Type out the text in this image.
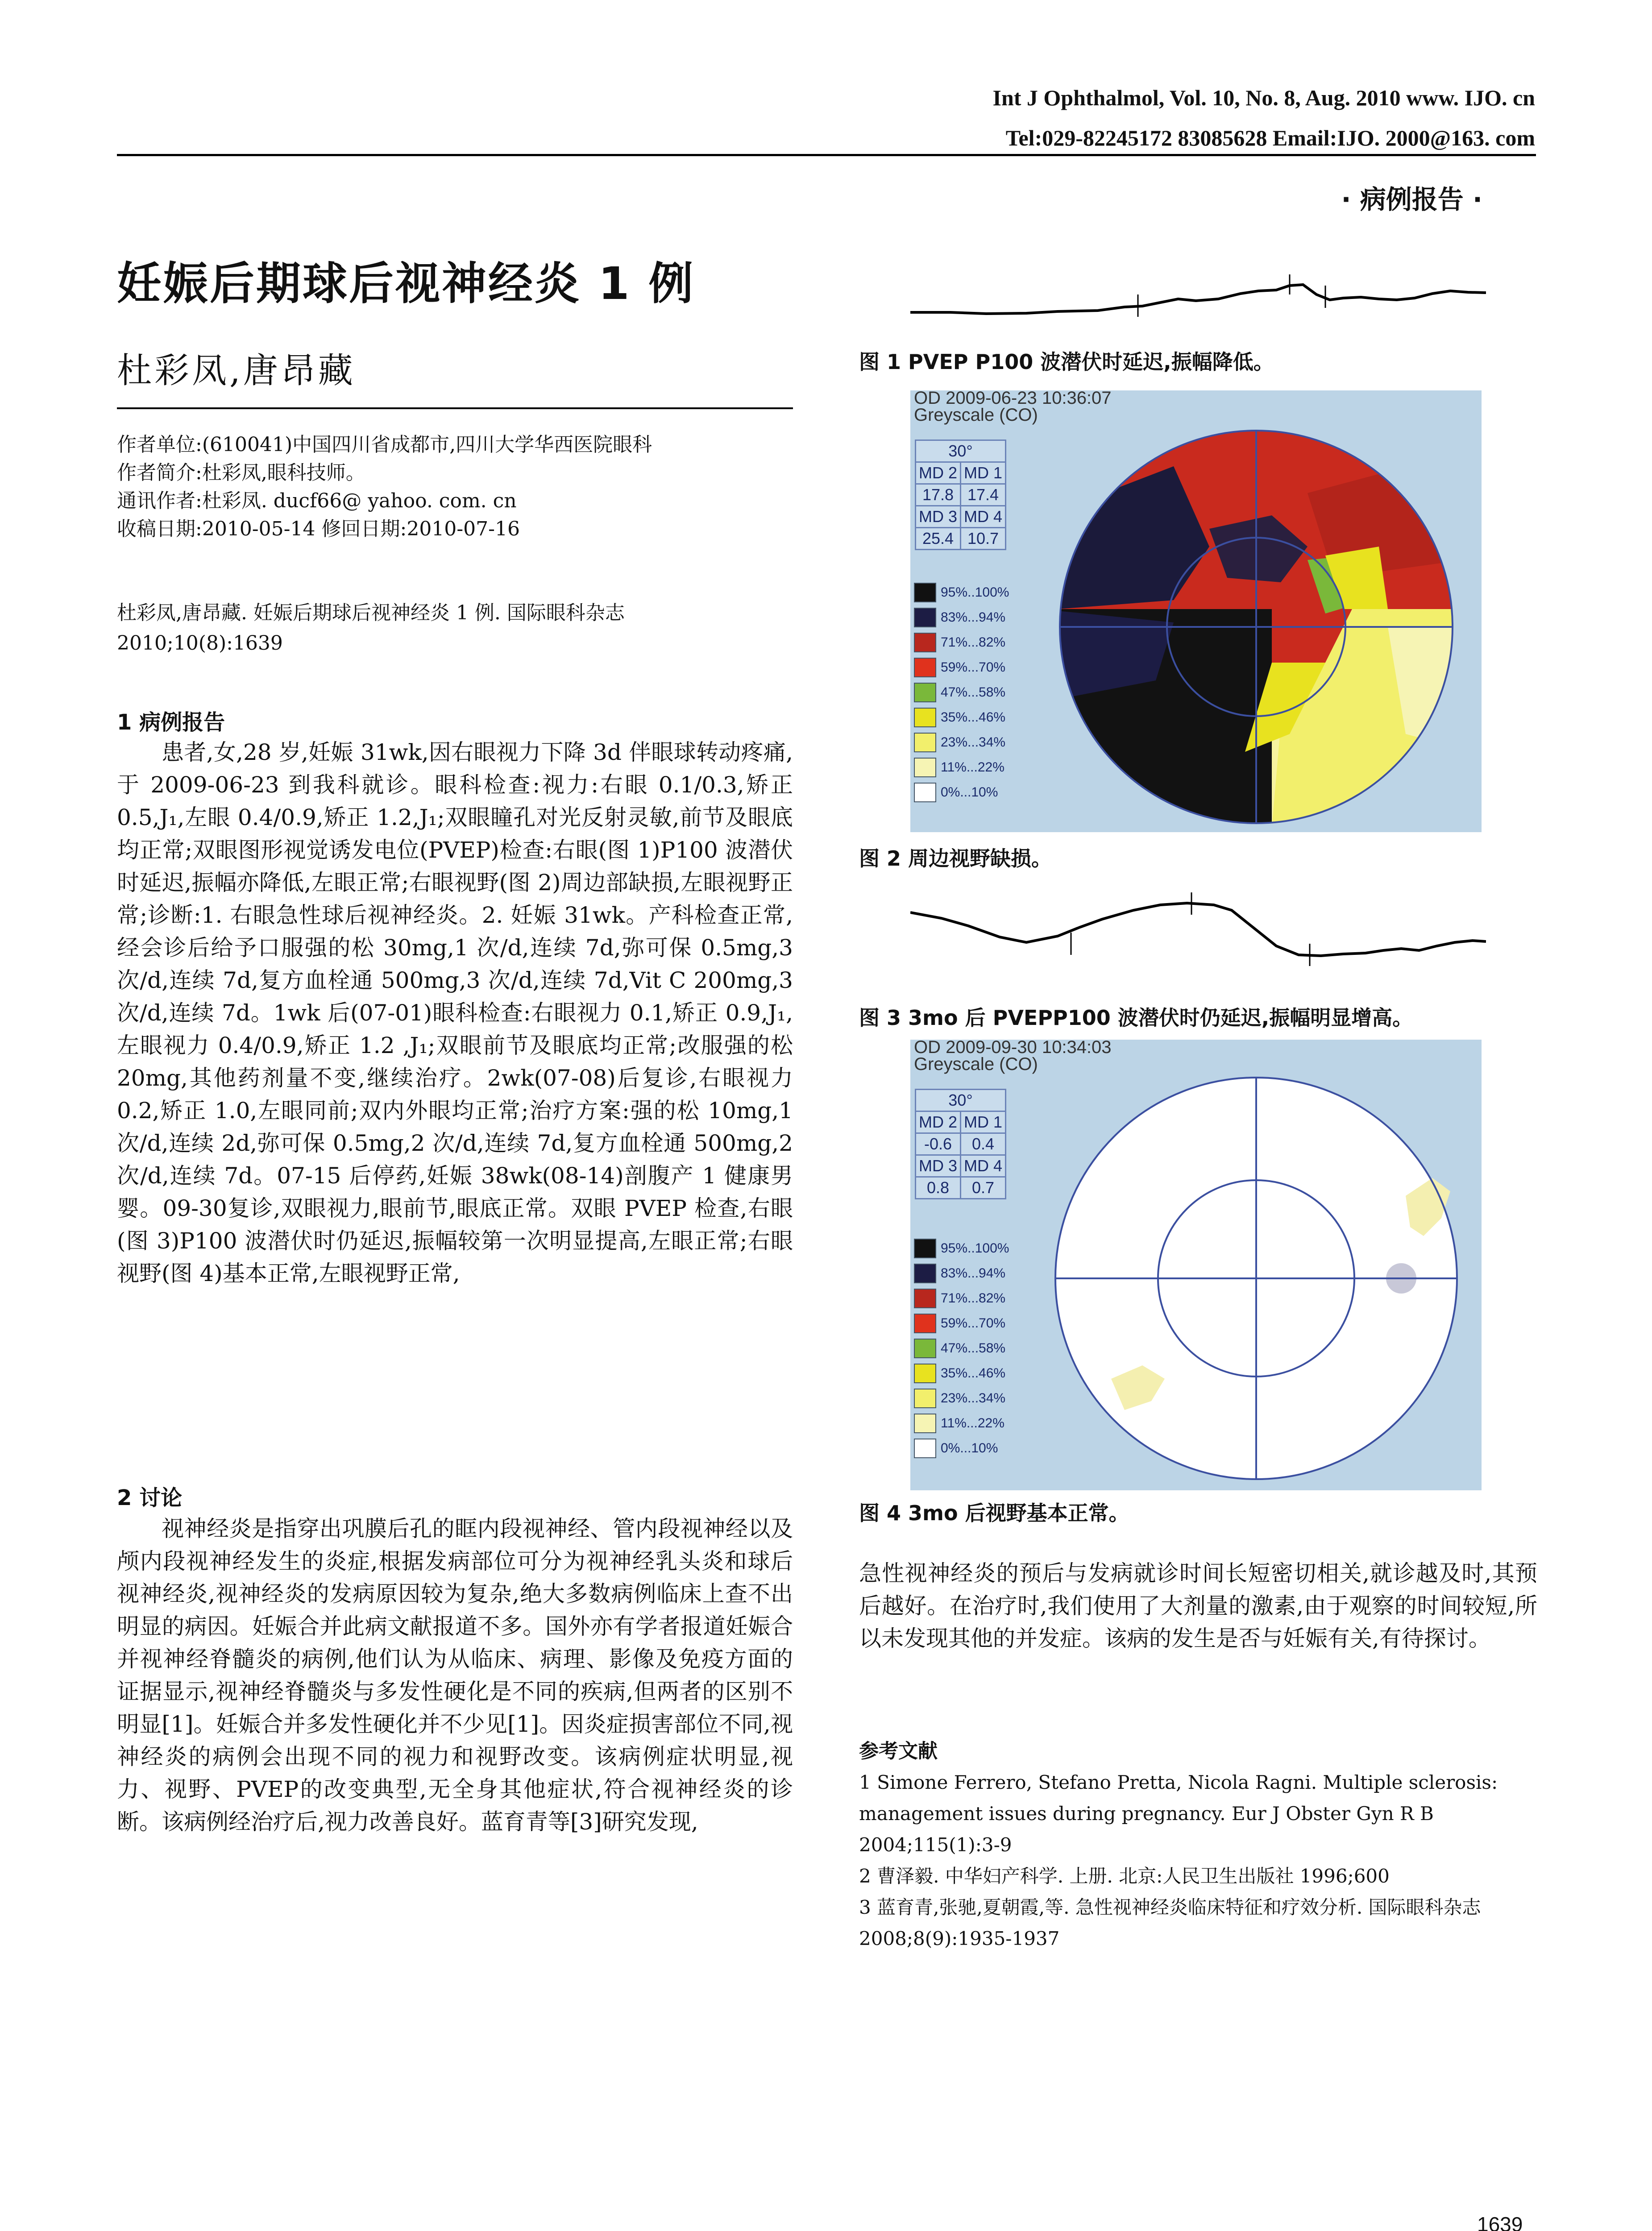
Int J Ophthalmol, Vol. 10, No. 8, Aug. 2010 www. IJO. cn
Tel:029-82245172 83085628 Email:IJO. 2000@163. com
· 病例报告 ·
妊娠后期球后视神经炎 1 例
杜彩凤,唐昂藏
作者单位:(610041)中国四川省成都市,四川大学华西医院眼科
作者简介:杜彩凤,眼科技师。
通讯作者:杜彩凤. ducf66@ yahoo. com. cn
收稿日期:2010-05-14 修回日期:2010-07-16
杜彩凤,唐昂藏. 妊娠后期球后视神经炎 1 例. 国际眼科杂志 2010;10(8):1639
1 病例报告

患者,女,28 岁,妊娠 31wk,因右眼视力下降 3d 伴眼球转动疼痛,于 2009-06-23 到我科就诊。眼科检查:视力:右眼 0.1/0.3,矫正 0.5,J₁,左眼 0.4/0.9,矫正 1.2,J₁;双眼瞳孔对光反射灵敏,前节及眼底均正常;双眼图形视觉诱发电位(PVEP)检查:右眼(图 1)P100 波潜伏时延迟,振幅亦降低,左眼正常;右眼视野(图 2)周边部缺损,左眼视野正常;诊断:1. 右眼急性球后视神经炎。2. 妊娠 31wk。产科检查正常,经会诊后给予口服强的松 30mg,1 次/d,连续 7d,弥可保 0.5mg,3 次/d,连续 7d,复方血栓通 500mg,3 次/d,连续 7d,Vit C 200mg,3 次/d,连续 7d。1wk 后(07-01)眼科检查:右眼视力 0.1,矫正 0.9,J₁,左眼视力 0.4/0.9,矫正 1.2 ,J₁;双眼前节及眼底均正常;改服强的松 20mg,其他药剂量不变,继续治疗。2wk(07-08)后复诊,右眼视力 0.2,矫正 1.0,左眼同前;双内外眼均正常;治疗方案:强的松 10mg,1 次/d,连续 2d,弥可保 0.5mg,2 次/d,连续 7d,复方血栓通 500mg,2 次/d,连续 7d。07-15 后停药,妊娠 38wk(08-14)剖腹产 1 健康男婴。09-30复诊,双眼视力,眼前节,眼底正常。双眼 PVEP 检查,右眼(图 3)P100 波潜伏时仍延迟,振幅较第一次明显提高,左眼正常;右眼视野(图 4)基本正常,左眼视野正常,

2 讨论

视神经炎是指穿出巩膜后孔的眶内段视神经、管内段视神经以及颅内段视神经发生的炎症,根据发病部位可分为视神经乳头炎和球后视神经炎,视神经炎的发病原因较为复杂,绝大多数病例临床上查不出明显的病因。妊娠合并此病文献报道不多。国外亦有学者报道妊娠合并视神经脊髓炎的病例,他们认为从临床、病理、影像及免疫方面的证据显示,视神经脊髓炎与多发性硬化是不同的疾病,但两者的区别不明显[1]。妊娠合并多发性硬化并不少见[1]。因炎症损害部位不同,视神经炎的病例会出现不同的视力和视野改变。该病例症状明显,视力、视野、PVEP的改变典型,无全身其他症状,符合视神经炎的诊断。该病例经治疗后,视力改善良好。蓝育青等[3]研究发现,

图 1 PVEP P100 波潜伏时延迟,振幅降低。
OD 2009-06-23 10:36:07
Greyscale (CO)
30°	
MD 2	MD 1
17.8	17.4
MD 3	MD 4
25.4	10.7
95%..100%
83%...94%
71%...82%
59%...70%
47%...58%
35%...46%
23%...34%
11%...22%
0%...10%
图 2 周边视野缺损。
图 3 3mo 后 PVEPP100 波潜伏时仍延迟,振幅明显增高。
OD 2009-09-30 10:34:03
Greyscale (CO)
30°	
MD 2	MD 1
-0.6	0.4
MD 3	MD 4
0.8	0.7
95%..100%
83%...94%
71%...82%
59%...70%
47%...58%
35%...46%
23%...34%
11%...22%
0%...10%
图 4 3mo 后视野基本正常。

急性视神经炎的预后与发病就诊时间长短密切相关,就诊越及时,其预后越好。在治疗时,我们使用了大剂量的激素,由于观察的时间较短,所以未发现其他的并发症。该病的发生是否与妊娠有关,有待探讨。

参考文献
1 Simone Ferrero, Stefano Pretta, Nicola Ragni. Multiple sclerosis: management issues during pregnancy. Eur J Obster Gyn R B 2004;115(1):3-9
2 曹泽毅. 中华妇产科学. 上册. 北京:人民卫生出版社 1996;600
3 蓝育青,张驰,夏朝霞,等. 急性视神经炎临床特征和疗效分析. 国际眼科杂志 2008;8(9):1935-1937
1639
